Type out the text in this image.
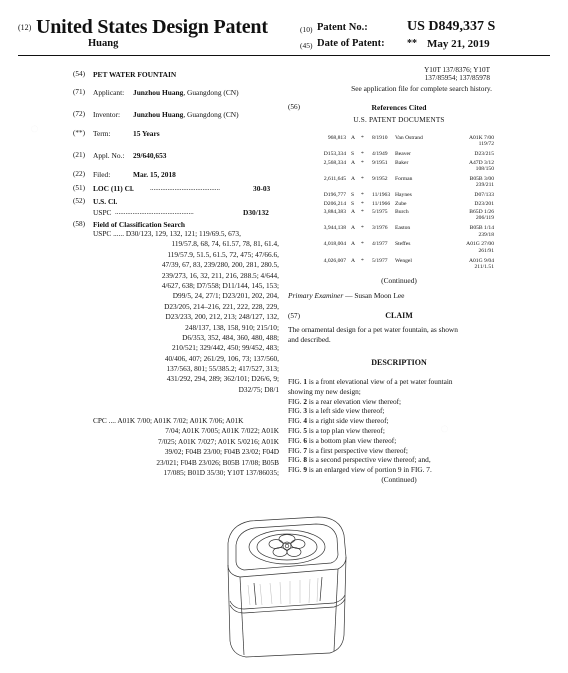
(12) United States Design Patent
Huang
(10) Patent No.:	US D849,337 S
(45) Date of Patent: ** May 21, 2019
(54) PET WATER FOUNTAIN
(71) Applicant: Junzhou Huang, Guangdong (CN)
(72) Inventor: Junzhou Huang, Guangdong (CN)
(**) Term:	15 Years
(21) Appl. No.: 29/640,653
(22) Filed:	Mar. 15, 2018
(51) LOC (11) Cl. ........................................	30-03
(52) U.S. Cl.
USPC .............................................	D30/132
(58) Field of Classification Search
USPC ...... D30/123, 129, 132, 121; 119/69.5, 673,
119/57.8, 68, 74, 61.57, 78, 81, 61.4,
119/57.9, 51.5, 61.5, 72, 475; 47/66.6,
47/39, 67, 83, 239/280, 200, 281, 280.5,
239/273, 16, 32, 211, 216, 288.5; 4/644,
4/627, 638; D7/558; D11/144, 145, 153;
D99/5, 24, 27/1; D23/201, 202, 204,
D23/205, 214–216, 221, 222, 228, 229,
D23/233, 200, 212, 213; 248/127, 132,
248/137, 138, 158, 910; 215/10;
D6/353, 352, 484, 360, 480, 488;
210/521; 329/442, 450; 99/452, 483;
40/406, 407; 261/29, 106, 73; 137/560,
137/563, 801; 55/385.2; 417/527, 313;
431/292, 294, 289; 362/101; D26/6, 9;
D32/75; D8/1
CPC .... A01K 7/00; A01K 7/02; A01K 7/06; A01K
7/04; A01K 7/005; A01K 7/022; A01K
7/025; A01K 7/027; A01K 5/0216; A01K
39/02; F04B 23/00; F04B 23/02; F04D
23/021; F04B 23/026; B05B 17/08; B05B
17/085; B01D 35/30; Y10T 137/86035;
Y10T 137/8376; Y10T
137/85954; 137/85978
See application file for complete search history.
(56)	References Cited
U.S. PATENT DOCUMENTS
968,813 A * 8/1910 Van Ostrand	A01K 7/00
119/72
D153,334 S * 4/1949 Beaver	D23/215
2,568,334 A * 9/1951 Baker	A47D 3/12
108/150
2,611,645 A * 9/1952 Forman	B05B 3/00
239/211
D196,777 S * 11/1963 Haynes	D07/133
D206,214 S * 11/1966 Zube	D23/201
3,884,383 A * 5/1975 Burch	B65D 1/26
206/119
3,944,138 A * 3/1976 Easton	B05B 1/14
239/18
4,018,004 A * 4/1977 Steffes	A01G 27/00
261/91
4,026,007 A * 5/1977 Wengel	A01G 9/04
211/1.51
(Continued)
Primary Examiner — Susan Moon Lee
(57)	CLAIM
The ornamental design for a pet water fountain, as shown
and described.
DESCRIPTION
FIG. 1 is a front elevational view of a pet water fountain
showing my new design;
FIG. 2 is a rear elevation view thereof;
FIG. 3 is a left side view thereof;
FIG. 4 is a right side view thereof;
FIG. 5 is a top plan view thereof;
FIG. 6 is a bottom plan view thereof;
FIG. 7 is a first perspective view thereof;
FIG. 8 is a second perspective view thereof; and,
FIG. 9 is an enlarged view of portion 9 in FIG. 7.
(Continued)
◌
◌
